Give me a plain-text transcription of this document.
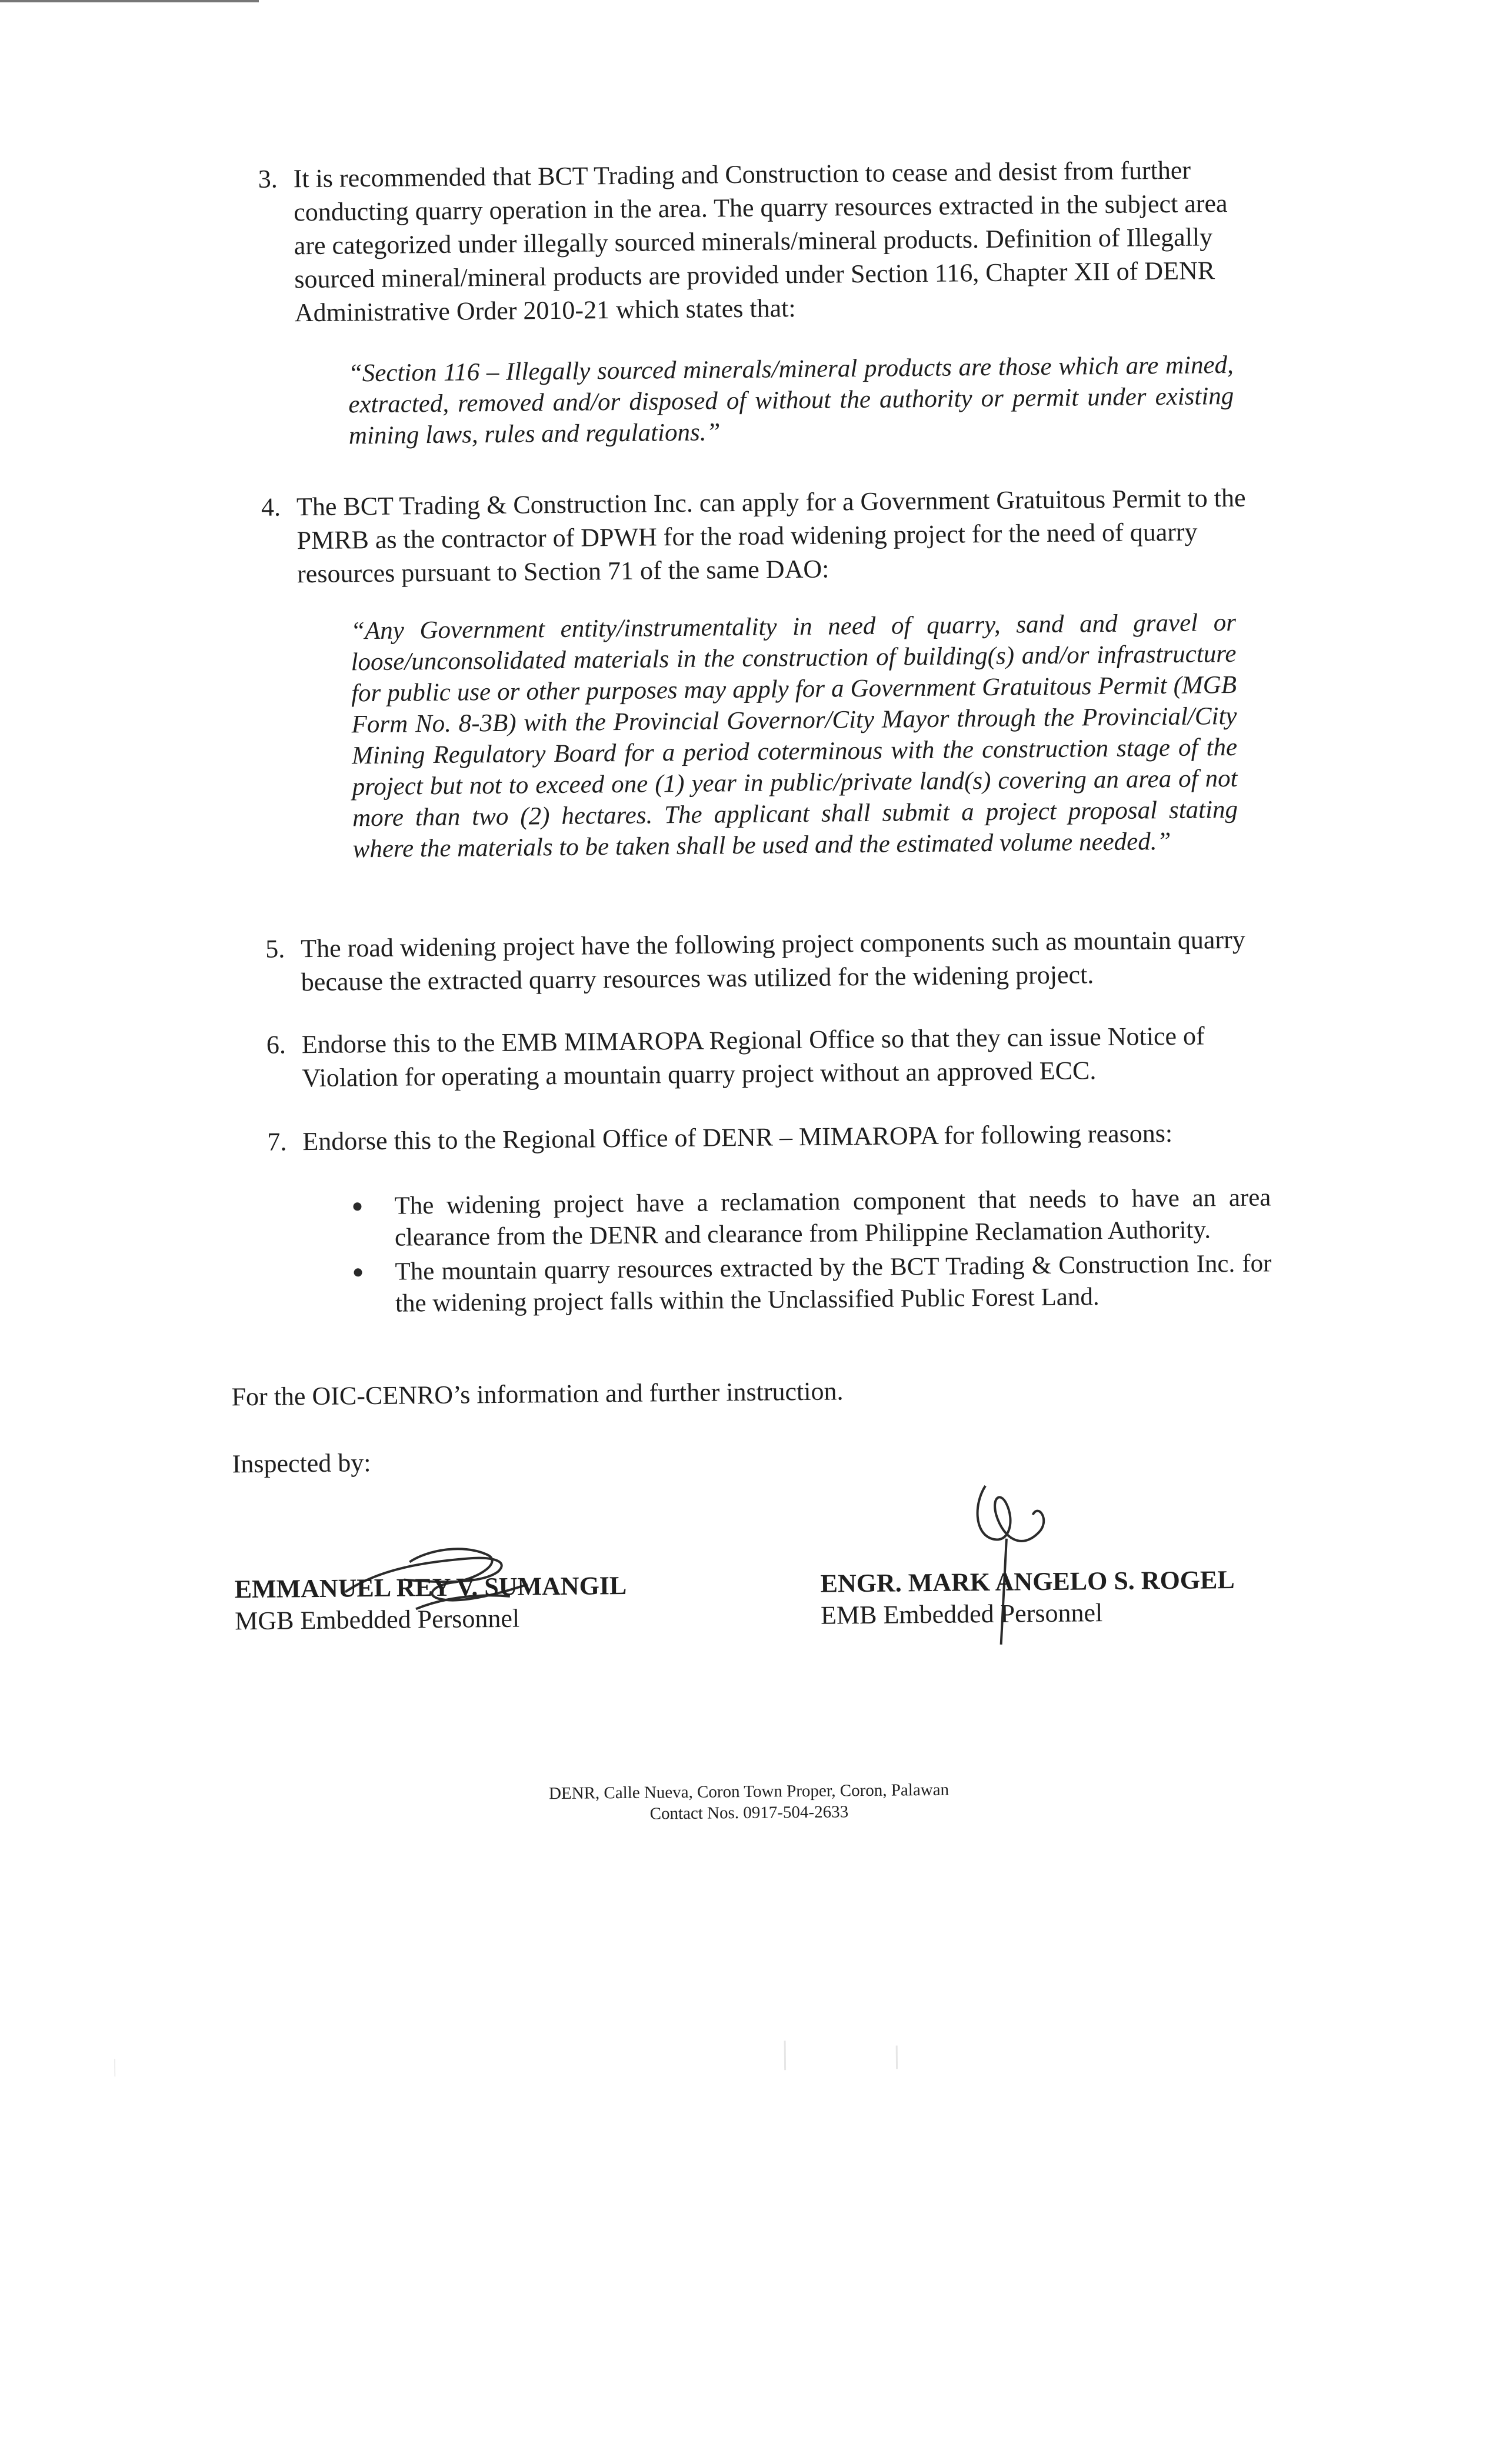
3. It is recommended that BCT Trading and Construction to cease and desist from further conducting quarry operation in the area. The quarry resources extracted in the subject area are categorized under illegally sourced minerals/mineral products. Definition of Illegally sourced mineral/mineral products are provided under Section 116, Chapter XII of DENR Administrative Order 2010-21 which states that:
“Section 116 – Illegally sourced minerals/mineral products are those which are mined, extracted, removed and/or disposed of without the authority or permit under existing mining laws, rules and regulations.”
4. The BCT Trading & Construction Inc. can apply for a Government Gratuitous Permit to the PMRB as the contractor of DPWH for the road widening project for the need of quarry resources pursuant to Section 71 of the same DAO:
“Any Government entity/instrumentality in need of quarry, sand and gravel or loose/unconsolidated materials in the construction of building(s) and/or infrastructure for public use or other purposes may apply for a Government Gratuitous Permit (MGB Form No. 8-3B) with the Provincial Governor/City Mayor through the Provincial/City Mining Regulatory Board for a period coterminous with the construction stage of the project but not to exceed one (1) year in public/private land(s) covering an area of not more than two (2) hectares. The applicant shall submit a project proposal stating where the materials to be taken shall be used and the estimated volume needed.”
5. The road widening project have the following project components such as mountain quarry because the extracted quarry resources was utilized for the widening project.
6. Endorse this to the EMB MIMAROPA Regional Office so that they can issue Notice of Violation for operating a mountain quarry project without an approved ECC.
7. Endorse this to the Regional Office of DENR – MIMAROPA for following reasons:
The widening project have a reclamation component that needs to have an area clearance from the DENR and clearance from Philippine Reclamation Authority.
The mountain quarry resources extracted by the BCT Trading & Construction Inc. for the widening project falls within the Unclassified Public Forest Land.
For the OIC-CENRO’s information and further instruction.
Inspected by:
EMMANUEL REY V. SUMANGIL
MGB Embedded Personnel
ENGR. MARK ANGELO S. ROGEL
EMB Embedded Personnel
DENR, Calle Nueva, Coron Town Proper, Coron, Palawan
Contact Nos. 0917-504-2633
